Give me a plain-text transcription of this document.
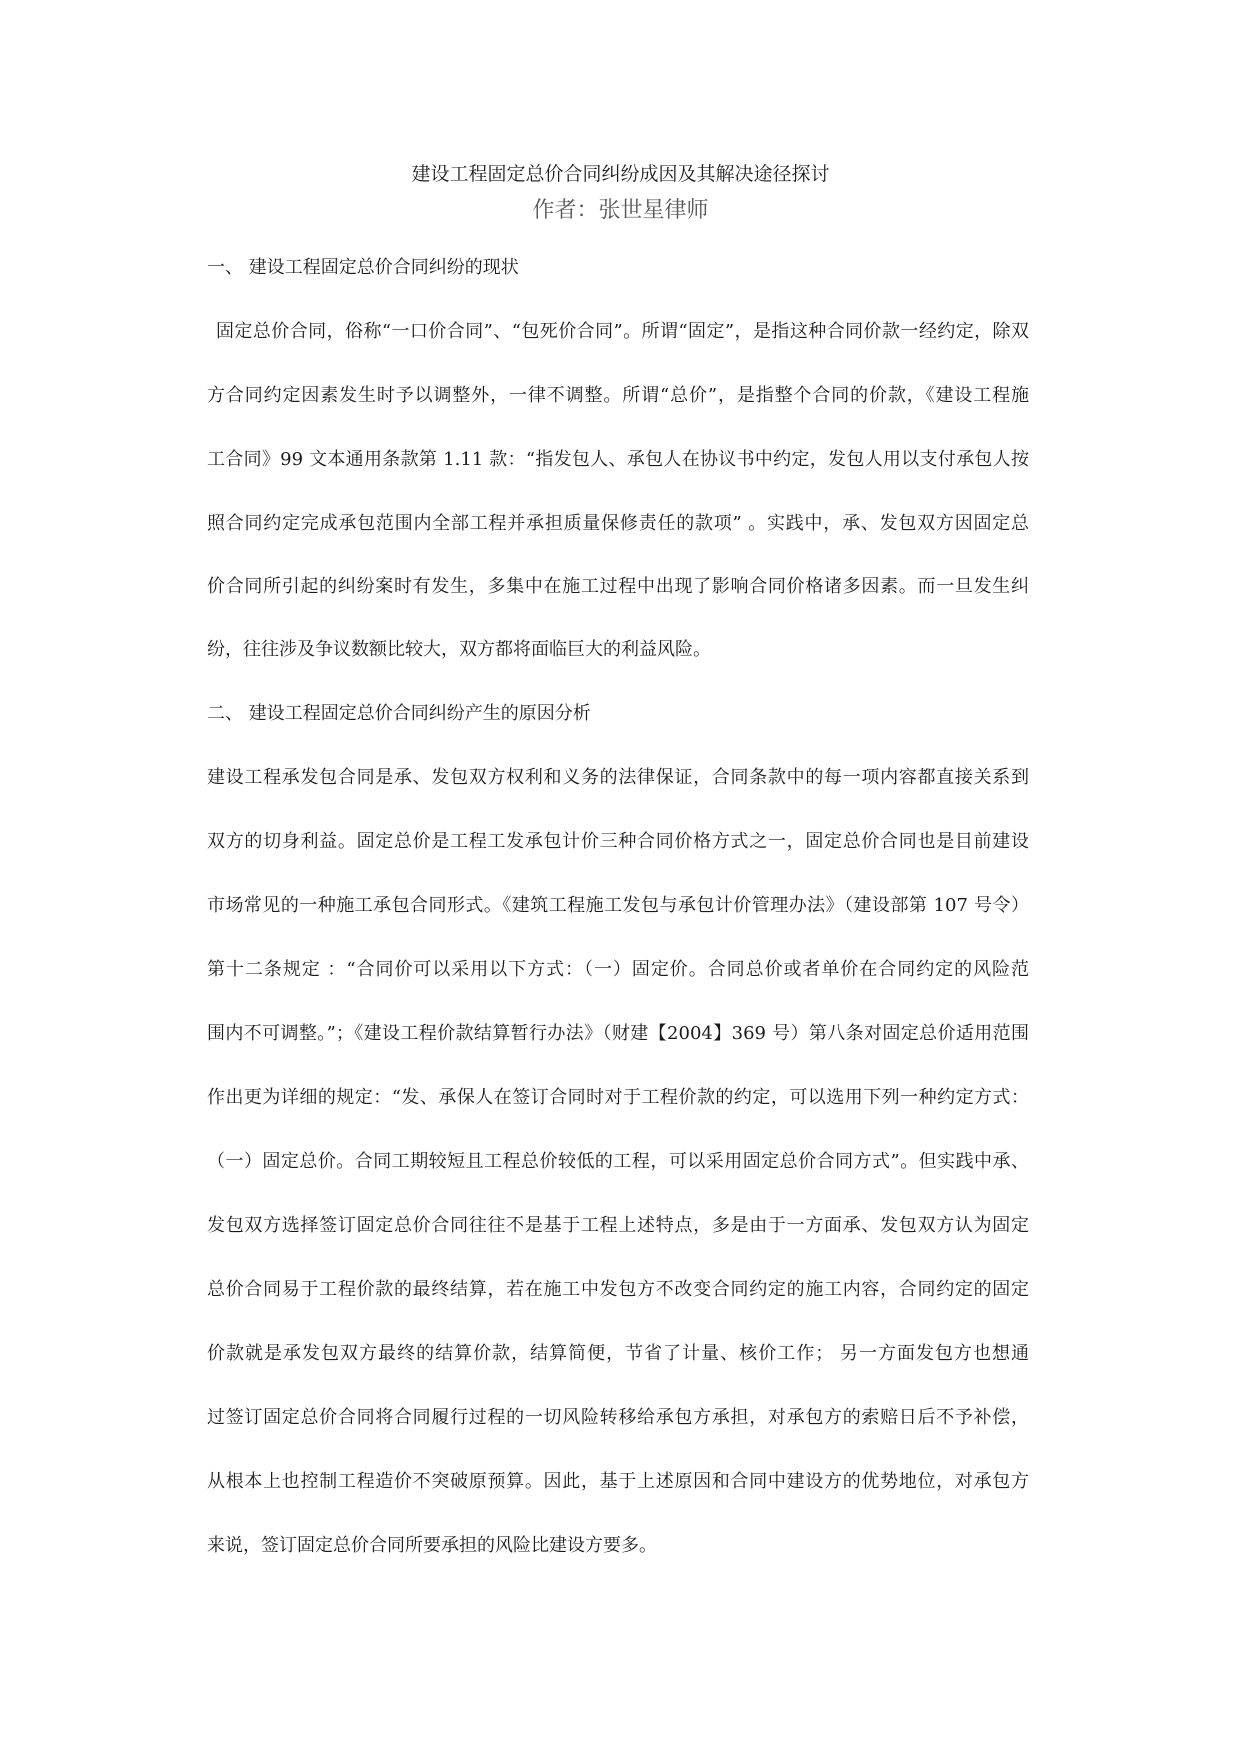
建设工程固定总价合同纠纷成因及其解决途径探讨
作者：张世星律师
一、 建设工程固定总价合同纠纷的现状
固定总价合同，俗称“一口价合同”、“包死价合同”。所谓“固定”，是指这种合同价款一经约定，除双
方合同约定因素发生时予以调整外，一律不调整。所谓“总价”，是指整个合同的价款，《建设工程施
工合同》99 文本通用条款第 1.11 款：“指发包人、承包人在协议书中约定，发包人用以支付承包人按
照合同约定完成承包范围内全部工程并承担质量保修责任的款项” 。实践中，承、发包双方因固定总
价合同所引起的纠纷案时有发生，多集中在施工过程中出现了影响合同价格诸多因素。而一旦发生纠
纷，往往涉及争议数额比较大，双方都将面临巨大的利益风险。
二、 建设工程固定总价合同纠纷产生的原因分析
建设工程承发包合同是承、发包双方权利和义务的法律保证，合同条款中的每一项内容都直接关系到
双方的切身利益。固定总价是工程工发承包计价三种合同价格方式之一，固定总价合同也是目前建设
市场常见的一种施工承包合同形式。《建筑工程施工发包与承包计价管理办法》（建设部第 107 号令）
第十二条规定 ：“合同价可以采用以下方式：（一）固定价。合同总价或者单价在合同约定的风险范
围内不可调整。”；《建设工程价款结算暂行办法》（财建【2004】369 号）第八条对固定总价适用范围
作出更为详细的规定：“发、承保人在签订合同时对于工程价款的约定，可以选用下列一种约定方式：
（一）固定总价。合同工期较短且工程总价较低的工程，可以采用固定总价合同方式”。但实践中承、
发包双方选择签订固定总价合同往往不是基于工程上述特点，多是由于一方面承、发包双方认为固定
总价合同易于工程价款的最终结算，若在施工中发包方不改变合同约定的施工内容，合同约定的固定
价款就是承发包双方最终的结算价款，结算简便，节省了计量、核价工作； 另一方面发包方也想通
过签订固定总价合同将合同履行过程的一切风险转移给承包方承担，对承包方的索赔日后不予补偿，
从根本上也控制工程造价不突破原预算。因此，基于上述原因和合同中建设方的优势地位，对承包方
来说，签订固定总价合同所要承担的风险比建设方要多。
